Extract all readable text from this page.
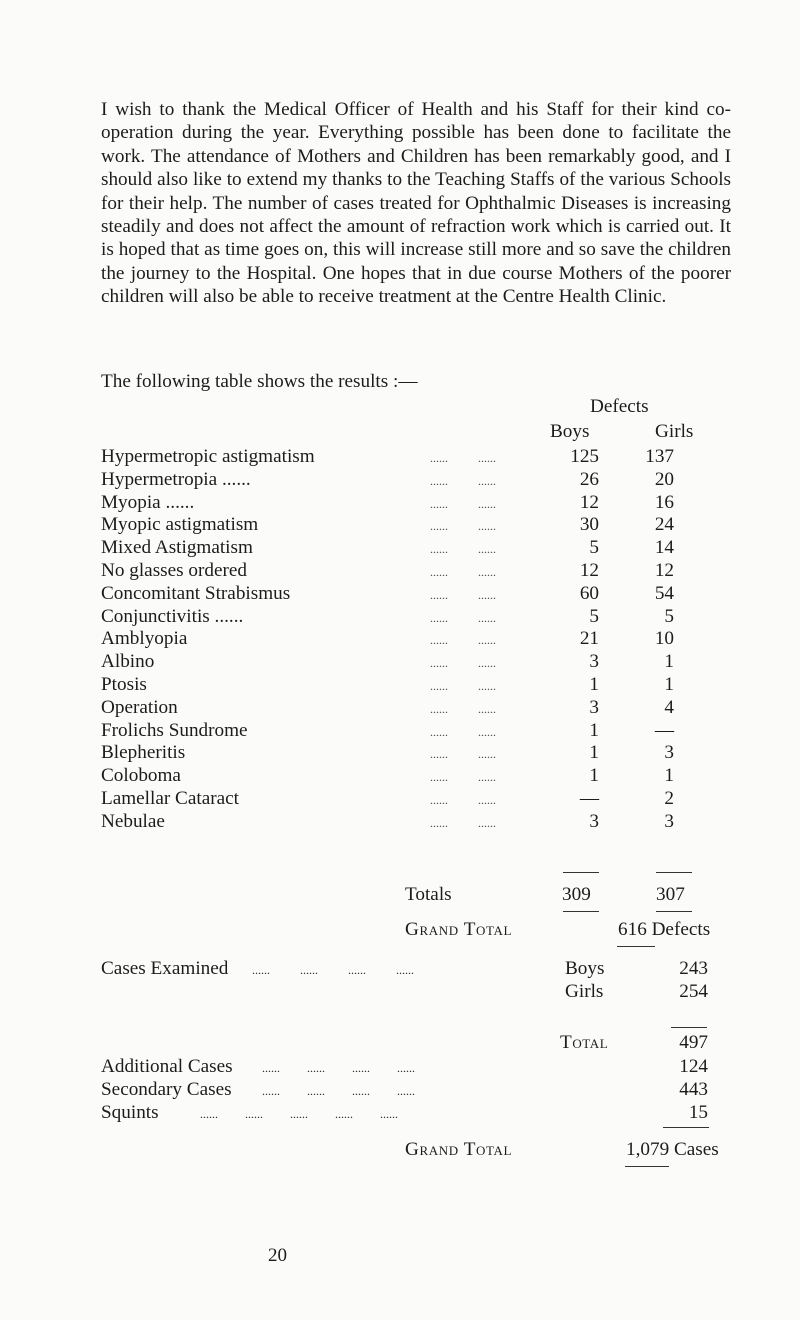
I wish to thank the Medical Officer of Health and his Staff for their kind co-operation during the year. Everything possible has been done to facilitate the work. The attendance of Mothers and Children has been remarkably good, and I should also like to extend my thanks to the Teaching Staffs of the various Schools for their help. The number of cases treated for Ophthalmic Diseases is increasing steadily and does not affect the amount of refraction work which is carried out. It is hoped that as time goes on, this will increase still more and so save the children the journey to the Hospital. One hopes that in due course Mothers of the poorer children will also be able to receive treatment at the Centre Health Clinic.
The following table shows the results :—
Defects
Boys	Girls
Hypermetropic astigmatism	125 137
......          ......
Hypermetropia ......	26	20
......          ......
Myopia ......	12	16
......          ......
Myopic astigmatism	30	24
......          ......
Mixed Astigmatism	5	14
......          ......
No glasses ordered	12	12
......          ......
Concomitant Strabismus	60	54
......          ......
Conjunctivitis ......	5	5
......          ......
Amblyopia	21	10
......          ......
Albino	3	1
......          ......
Ptosis	1	1
......          ......
Operation	3	4
......          ......
Frolichs Sundrome	1	—
......          ......
Blepheritis	1	3
......          ......
Coloboma	1	1
......          ......
Lamellar Cataract	—	2
......          ......
Nebulae	3	3
......          ......
Totals	309	307
Grand Total	616 Defects
Cases Examined ......          ......          ......          ......	Boys	243
Girls	254
Total	497
Additional Cases ......         ......         ......         ......	124
Secondary Cases	......         ......         ......         ......	443
Squints	......         ......         ......         ......         ......	15
Grand Total	1,079 Cases
20
